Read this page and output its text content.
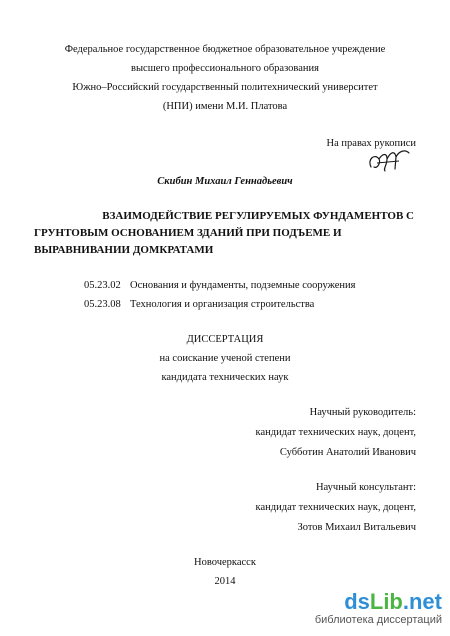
Федеральное государственное бюджетное образовательное учреждение
высшего профессионального образования
Южно–Российский государственный политехнический университет
(НПИ) имени М.И. Платова
На правах рукописи
Скибин Михаил Геннадьевич
ВЗАИМОДЕЙСТВИЕ РЕГУЛИРУЕМЫХ ФУНДАМЕНТОВ С
ГРУНТОВЫМ ОСНОВАНИЕМ ЗДАНИЙ ПРИ ПОДЪЕМЕ И
ВЫРАВНИВАНИИ ДОМКРАТАМИ
05.23.02 Основания и фундаменты, подземные сооружения
05.23.08 Технология и организация строительства
ДИССЕРТАЦИЯ
на соискание ученой степени
кандидата технических наук
Научный руководитель:
кандидат технических наук, доцент,
Субботин Анатолий Иванович
Научный консультант:
кандидат технических наук, доцент,
Зотов Михаил Витальевич
Новочеркасск
2014
dsLib.net
библиотека диссертаций
